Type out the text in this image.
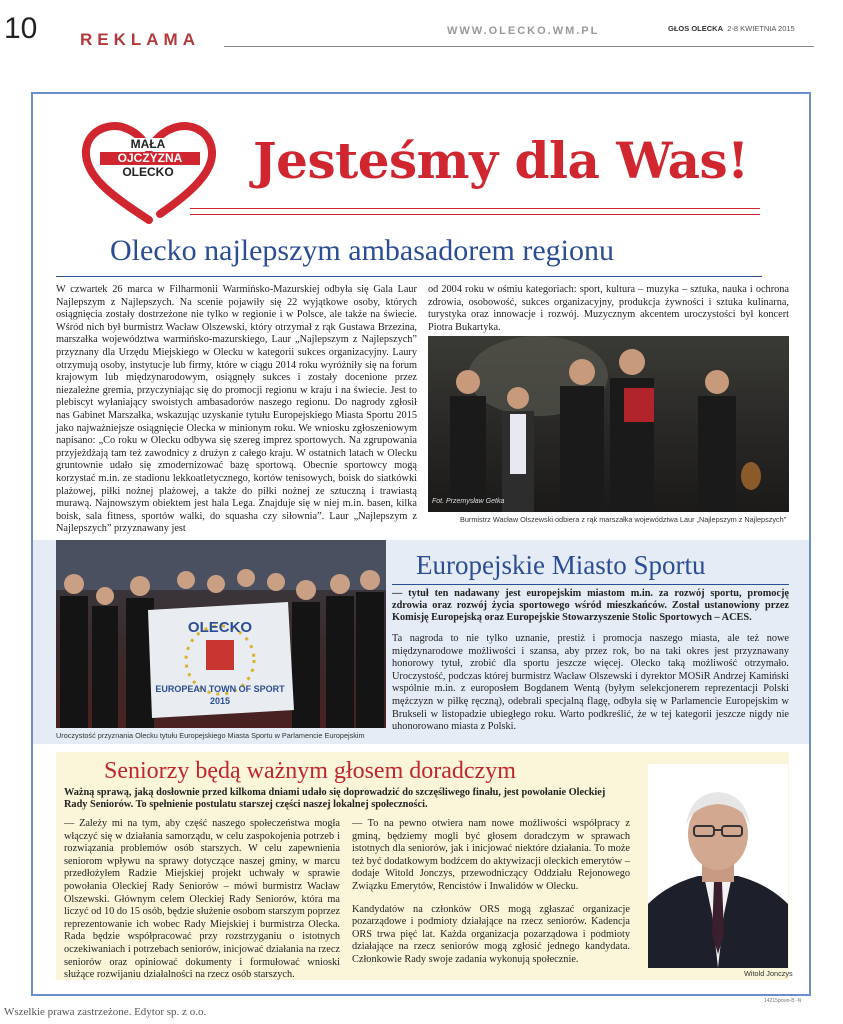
10	REKLAMA	WWW.OLECKO.WM.PL	GŁOS OLECKA 2-8 KWIETNIA 2015
MAŁA
OJCZYZNA
OLECKO Jesteśmy dla Was!
Olecko najlepszym ambasadorem regionu
W czwartek 26 marca w Filharmonii Warmińsko-Mazurskiej odbyła się Gala Laur Najlepszym z Najlepszych. Na scenie pojawiły się 22 wyjątkowe osoby, których osiągnięcia zostały dostrzeżone nie tylko w regionie i w Polsce, ale także na świecie. Wśród nich był burmistrz Wacław Olszewski, który otrzymał z rąk Gustawa Brzezina, marszałka województwa warmińsko-mazurskiego, Laur „Najlepszym z Najlepszych” przyznany dla Urzędu Miejskiego w Olecku w kategorii sukces organizacyjny. Laury otrzymują osoby, instytucje lub firmy, które w ciągu 2014 roku wyróżniły się na forum krajowym lub międzynarodowym, osiągnęły sukces i zostały docenione przez niezależne gremia, przyczyniając się do promocji regionu w kraju i na świecie. Jest to plebiscyt wyłaniający swoistych ambasadorów naszego regionu. Do nagrody zgłosił nas Gabinet Marszałka, wskazując uzyskanie tytułu Europejskiego Miasta Sportu 2015 jako najważniejsze osiągnięcie Olecka w minionym roku. We wniosku zgłoszeniowym napisano: „Co roku w Olecku odbywa się szereg imprez sportowych. Na zgrupowania przyjeżdżają tam też zawodnicy z drużyn z całego kraju. W ostatnich latach w Olecku gruntownie udało się zmodernizować bazę sportową. Obecnie sportowcy mogą korzystać m.in. ze stadionu lekkoatletycznego, kortów tenisowych, boisk do siatkówki plażowej, piłki nożnej plażowej, a także do piłki nożnej ze sztuczną i trawiastą murawą. Najnowszym obiektem jest hala Lega. Znajduje się w niej m.in. basen, kilka boisk, sala fitness, sportów walki, do squasha czy siłownia”. Laur „Najlepszym z Najlepszych” przyznawany jest
od 2004 roku w ośmiu kategoriach: sport, kultura – muzyka – sztuka, nauka i ochrona zdrowia, osobowość, sukces organizacyjny, produkcja żywności i sztuka kulinarna, turystyka oraz innowacje i rozwój. Muzycznym akcentem uroczystości był koncert Piotra Bukartyka.
Fot. Przemysław Getka
Burmistrz Wacław Olszewski odbiera z rąk marszałka województwa Laur „Najlepszym z Najlepszych”
OLECKO
EUROPEAN TOWN OF SPORT
2015
Uroczystość przyznania Olecku tytułu Europejskiego Miasta Sportu w Parlamencie Europejskim
Europejskie Miasto Sportu
— tytuł ten nadawany jest europejskim miastom m.in. za rozwój sportu, promocję zdrowia oraz rozwój życia sportowego wśród mieszkańców. Został ustanowiony przez Komisję Europejską oraz Europejskie Stowarzyszenie Stolic Sportowych – ACES.
Ta nagroda to nie tylko uznanie, prestiż i promocja naszego miasta, ale też nowe międzynarodowe możliwości i szansa, aby przez rok, bo na taki okres jest przyznawany honorowy tytuł, zrobić dla sportu jeszcze więcej. Olecko taką możliwość otrzymało. Uroczystość, podczas której burmistrz Wacław Olszewski i dyrektor MOSiR Andrzej Kamiński wspólnie m.in. z europosłem Bogdanem Wentą (byłym selekcjonerem reprezentacji Polski mężczyzn w piłkę ręczną), odebrali specjalną flagę, odbyła się w Parlamencie Europejskim w Brukseli w listopadzie ubiegłego roku. Warto podkreślić, że w tej kategorii jeszcze nigdy nie uhonorowano miasta z Polski.
Seniorzy będą ważnym głosem doradczym
Ważną sprawą, jaką dosłownie przed kilkoma dniami udało się doprowadzić do szczęśliwego finału, jest powołanie Oleckiej Rady Seniorów. To spełnienie postulatu starszej części naszej lokalnej społeczności.
— Zależy mi na tym, aby część naszego społeczeństwa mogła włączyć się w działania samorządu, w celu zaspokojenia potrzeb i rozwiązania problemów osób starszych. W celu zapewnienia seniorom wpływu na sprawy dotyczące naszej gminy, w marcu przedłożyłem Radzie Miejskiej projekt uchwały w sprawie powołania Oleckiej Rady Seniorów – mówi burmistrz Wacław Olszewski. Głównym celem Oleckiej Rady Seniorów, która ma liczyć od 10 do 15 osób, będzie służenie osobom starszym poprzez reprezentowanie ich wobec Rady Miejskiej i burmistrza Olecka. Rada będzie współpracować przy rozstrzyganiu o istotnych oczekiwaniach i potrzebach seniorów, inicjować działania na rzecz seniorów oraz opiniować dokumenty i formułować wnioski służące rozwijaniu działalności na rzecz osób starszych.

— To na pewno otwiera nam nowe możliwości współpracy z gminą, będziemy mogli być głosem doradczym w sprawach istotnych dla seniorów, jak i inicjować niektóre działania. To może też być dodatkowym bodźcem do aktywizacji oleckich emerytów – dodaje Witold Jonczys, przewodniczący Oddziału Rejonowego Związku Emerytów, Rencistów i Inwalidów w Olecku.

Kandydatów na członków ORS mogą zgłaszać organizacje pozarządowe i podmioty działające na rzecz seniorów. Kadencja ORS trwa pięć lat. Każda organizacja pozarządowa i podmioty działające na rzecz seniorów mogą zgłosić jednego kandydata. Członkowie Rady swoje zadania wykonują społecznie.

Witold Jonczys
14215pcwo-B -N
Wszelkie prawa zastrzeżone. Edytor sp. z o.o.
